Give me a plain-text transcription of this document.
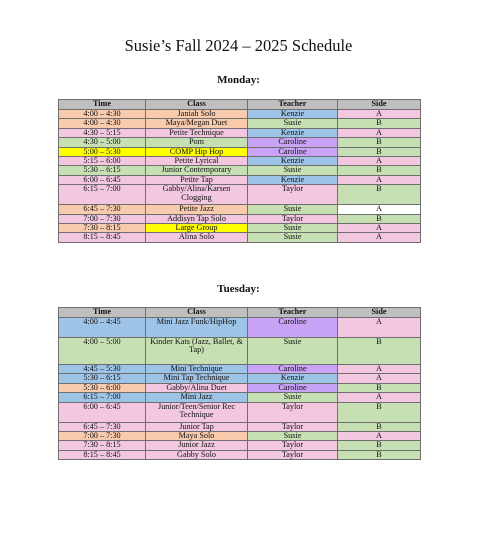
Susie’s Fall 2024 – 2025 Schedule
Monday:
Time	Class	Teacher	Side
4:00 – 4:30	Janiah Solo	Kenzie	A
4:00 – 4:30	Maya/Megan Duet	Susie	B
4:30 – 5:15	Petite Technique	Kenzie	A
4:30 – 5:00	Pom	Caroline	B
5:00 – 5:30	COMP Hip Hop	Caroline	B
5:15 – 6:00	Petite Lyrical	Kenzie	A
5:30 – 6:15	Junior Contemporary	Susie	B
6:00 – 6:45	Petite Tap	Kenzie	A
6:15 – 7:00	Gabby/Alina/Karsen Clogging	Taylor	B
6:45 – 7:30	Petite Jazz	Susie	A
7:00 – 7:30	Addisyn Tap Solo	Taylor	B
7:30 – 8:15	Large Group	Susie	A
8:15 – 8:45	Alina Solo	Susie	A
Tuesday:
Time	Class	Teacher	Side
4:00 – 4:45	Mini Jazz Funk/HipHop	Caroline	A
4:00 – 5:00	Kinder Kats (Jazz, Ballet, & Tap)	Susie	B
4:45 – 5:30	Mini Technique	Caroline	A
5:30 – 6:15	Mini Tap Technique	Kenzie	A
5:30 – 6:00	Gabby/Alina Duet	Caroline	B
6:15 – 7:00	Mini Jazz	Susie	A
6:00 – 6:45	Junior/Teen/Senior Rec Technique	Taylor	B
6:45 – 7:30	Junior Tap	Taylor	B
7:00 – 7:30	Maya Solo	Susie	A
7:30 – 8:15	Junior Jazz	Taylor	B
8:15 – 8:45	Gabby Solo	Taylor	B
